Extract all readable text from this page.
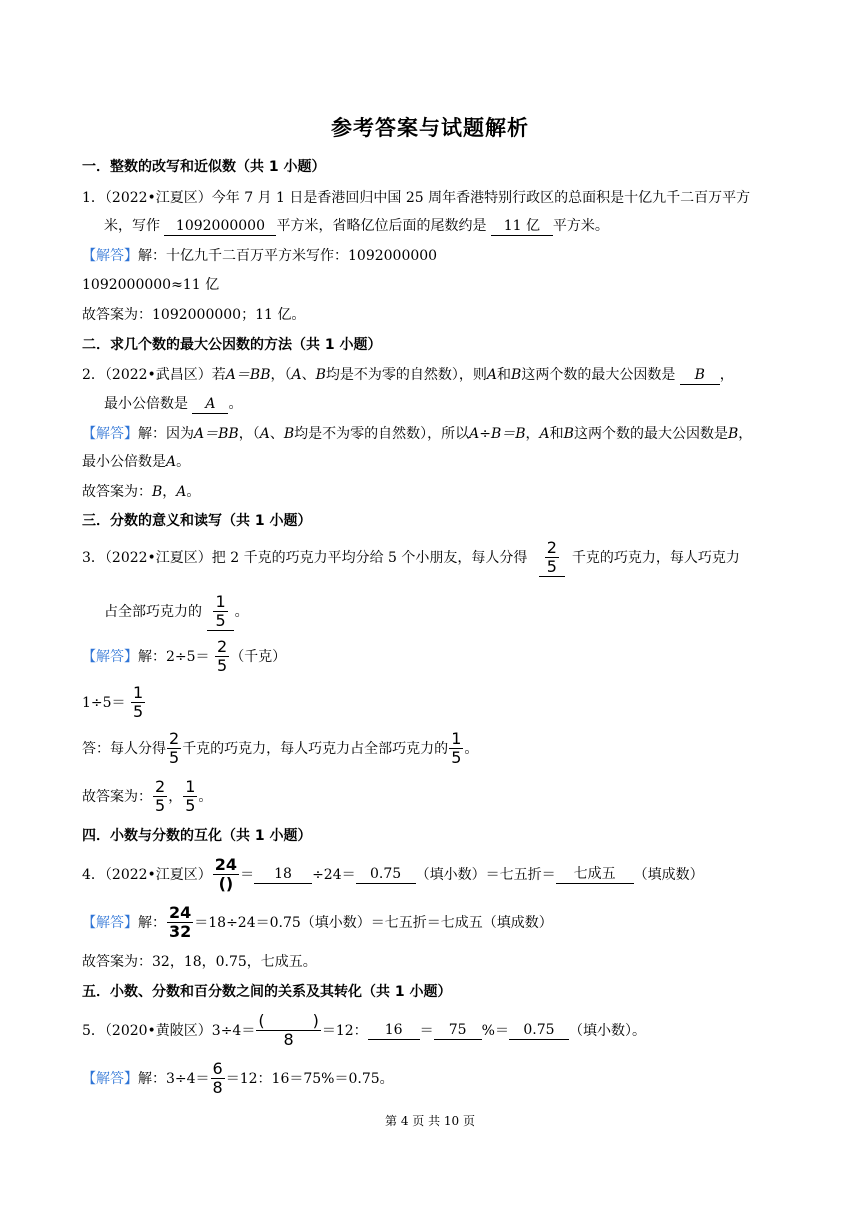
参考答案与试题解析
一．整数的改写和近似数（共 1 小题）
1．（2022•江夏区）今年 7 月 1 日是香港回归中国 25 周年香港特别行政区的总面积是十亿九千二百万平方
米，写作 1092000000 平方米，省略亿位后面的尾数约是 11 亿 平方米。
【解答】解：十亿九千二百万平方米写作：1092000000
1092000000≈11 亿
故答案为：1092000000；11 亿。
二．求几个数的最大公因数的方法（共 1 小题）
2．（2022•武昌区）若A＝BB，（A、B均是不为零的自然数），则A和B这两个数的最大公因数是 B ，
最小公倍数是 A 。
【解答】解：因为A＝BB，（A、B均是不为零的自然数），所以A÷B＝B，A和B这两个数的最大公因数是B，
最小公倍数是A。
故答案为：B，A。
三．分数的意义和读写（共 1 小题）
3．（2022•江夏区）把 2 千克的巧克力平均分给 5 个小朋友，每人分得 $\frac{2}{5}$ 千克的巧克力，每人巧克力
占全部巧克力的 $\frac{1}{5}$ 。
【解答】解：$2\div 5= \frac{2}{5}$ （千克）
$1\div 5= \frac{1}{5}$
答：每人分得 $\frac{2}{5}$ 千克的巧克力，每人巧克力占全部巧克力的 $\frac{1}{5}$ 。
故答案为： $\frac{2}{5}$ ， $\frac{1}{5}$ 。
四．小数与分数的互化（共 1 小题）
4．（2022•江夏区） $\frac{24}{()} = 18 \div 24= 0.75$ （填小数）＝七五折＝ 七成五 （填成数）
【解答】解： $\frac{24}{32} =18\div 24=0.75$（填小数）＝七五折＝七成五（填成数）
故答案为：32，18，0.75，七成五。
五．小数、分数和百分数之间的关系及其转化（共 1 小题）
5．（2020•黄陂区）$3\div 4= \frac{( )}{8} =12$： 16 ＝ 75 %＝ 0.75 （填小数）。
【解答】解：$3\div 4= \frac{6}{8} =12$：16＝75%＝0.75。
第 4 页 共 10 页
